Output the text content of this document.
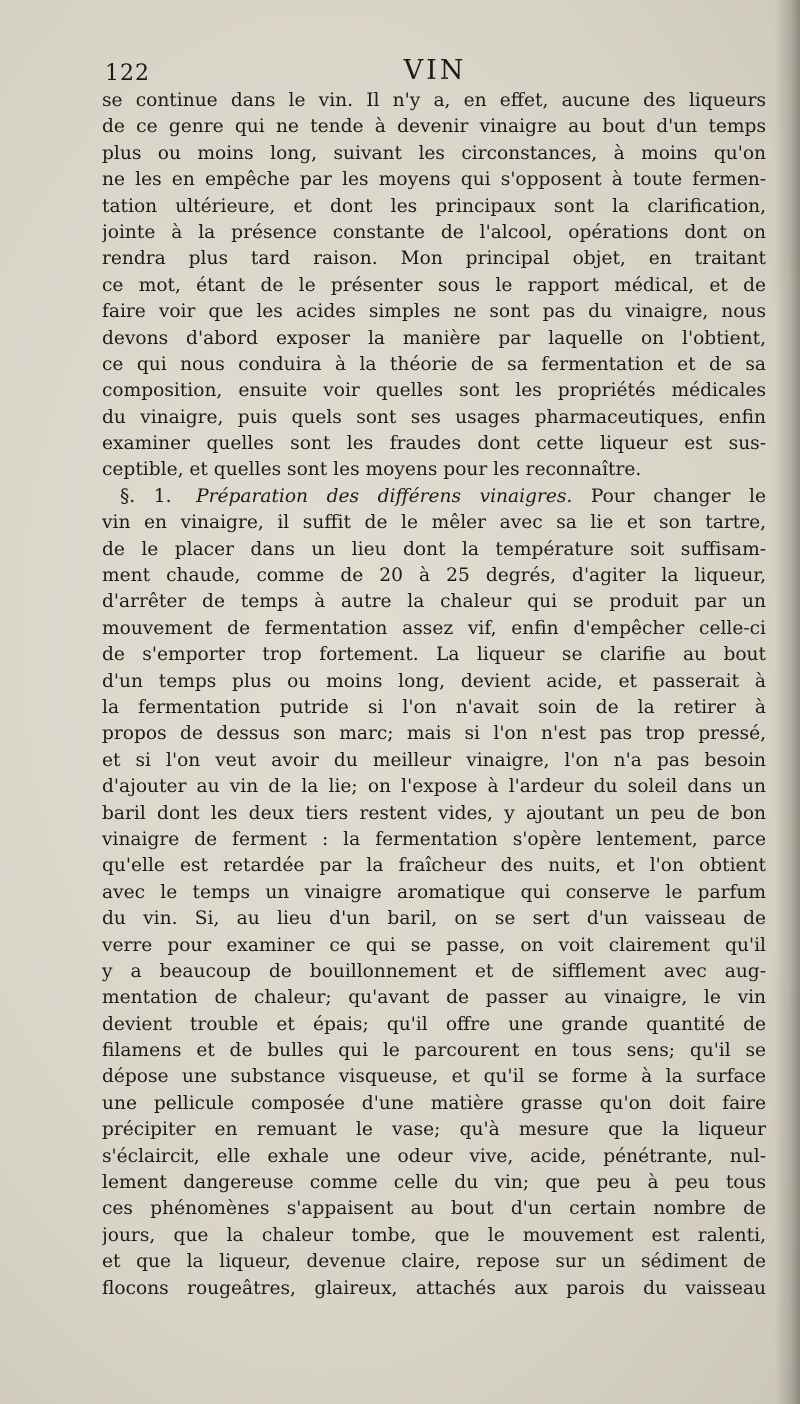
122	VIN
se continue dans le vin. Il n'y a, en effet, aucune des liqueurs
de ce genre qui ne tende à devenir vinaigre au bout d'un temps
plus ou moins long, suivant les circonstances, à moins qu'on
ne les en empêche par les moyens qui s'opposent à toute fermen-
tation ultérieure, et dont les principaux sont la clarification,
jointe à la présence constante de l'alcool, opérations dont on
rendra plus tard raison. Mon principal objet, en traitant
ce mot, étant de le présenter sous le rapport médical, et de
faire voir que les acides simples ne sont pas du vinaigre, nous
devons d'abord exposer la manière par laquelle on l'obtient,
ce qui nous conduira à la théorie de sa fermentation et de sa
composition, ensuite voir quelles sont les propriétés médicales
du vinaigre, puis quels sont ses usages pharmaceutiques, enfin
examiner quelles sont les fraudes dont cette liqueur est sus-
ceptible, et quelles sont les moyens pour les reconnaître.
§. 1. Préparation des différens vinaigres. Pour changer le
vin en vinaigre, il suffit de le mêler avec sa lie et son tartre,
de le placer dans un lieu dont la température soit suffisam-
ment chaude, comme de 20 à 25 degrés, d'agiter la liqueur,
d'arrêter de temps à autre la chaleur qui se produit par un
mouvement de fermentation assez vif, enfin d'empêcher celle-ci
de s'emporter trop fortement. La liqueur se clarifie au bout
d'un temps plus ou moins long, devient acide, et passerait à
la fermentation putride si l'on n'avait soin de la retirer à
propos de dessus son marc; mais si l'on n'est pas trop pressé,
et si l'on veut avoir du meilleur vinaigre, l'on n'a pas besoin
d'ajouter au vin de la lie; on l'expose à l'ardeur du soleil dans un
baril dont les deux tiers restent vides, y ajoutant un peu de bon
vinaigre de ferment : la fermentation s'opère lentement, parce
qu'elle est retardée par la fraîcheur des nuits, et l'on obtient
avec le temps un vinaigre aromatique qui conserve le parfum
du vin. Si, au lieu d'un baril, on se sert d'un vaisseau de
verre pour examiner ce qui se passe, on voit clairement qu'il
y a beaucoup de bouillonnement et de sifflement avec aug-
mentation de chaleur; qu'avant de passer au vinaigre, le vin
devient trouble et épais; qu'il offre une grande quantité de
filamens et de bulles qui le parcourent en tous sens; qu'il se
dépose une substance visqueuse, et qu'il se forme à la surface
une pellicule composée d'une matière grasse qu'on doit faire
précipiter en remuant le vase; qu'à mesure que la liqueur
s'éclaircit, elle exhale une odeur vive, acide, pénétrante, nul-
lement dangereuse comme celle du vin; que peu à peu tous
ces phénomènes s'appaisent au bout d'un certain nombre de
jours, que la chaleur tombe, que le mouvement est ralenti,
et que la liqueur, devenue claire, repose sur un sédiment de
flocons rougeâtres, glaireux, attachés aux parois du vaisseau
